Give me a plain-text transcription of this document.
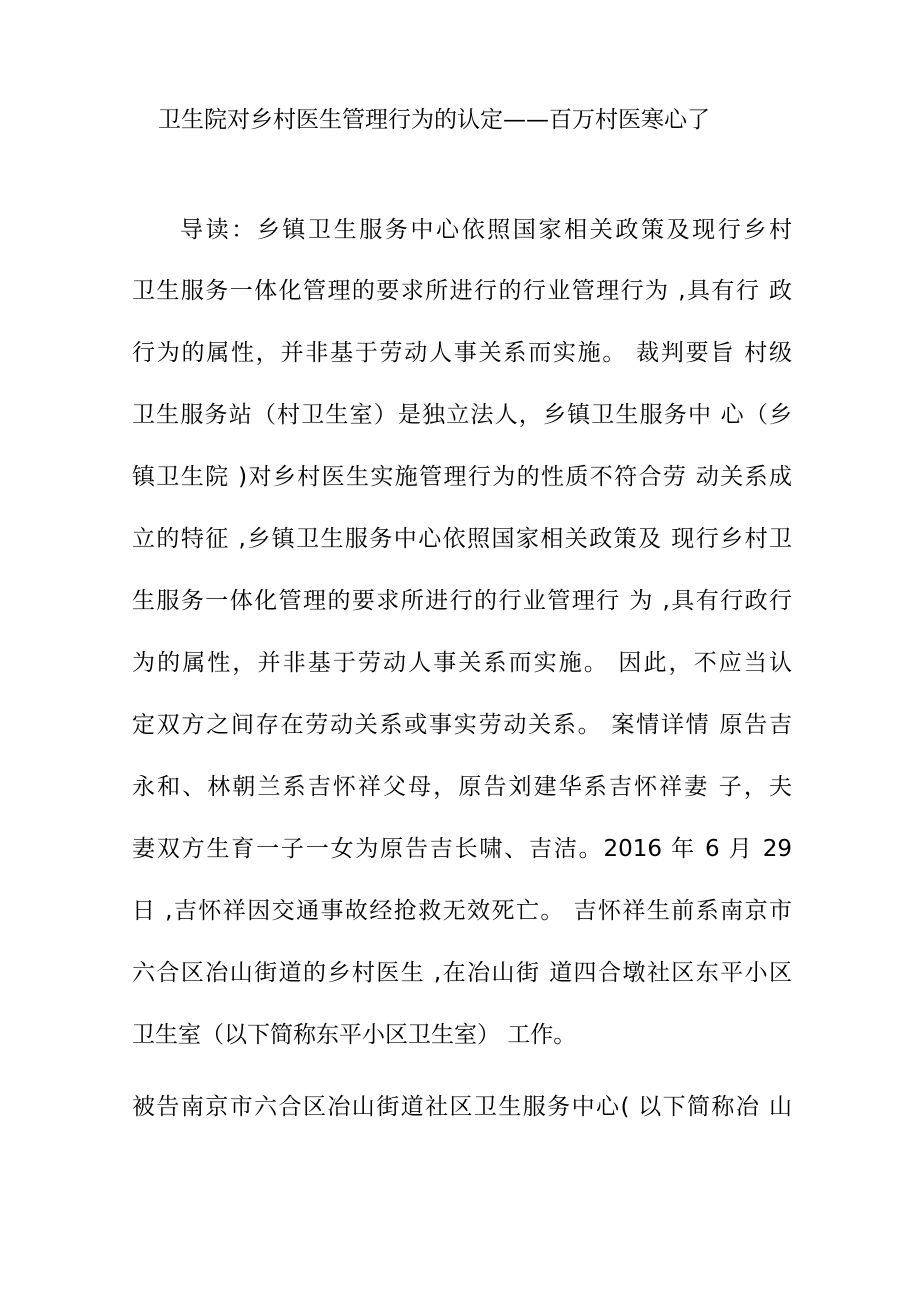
卫生院对乡村医生管理行为的认定——百万村医寒心了
导读：乡镇卫生服务中心依照国家相关政策及现行乡村
卫生服务一体化管理的要求所进行的行业管理行为 ,具有行 政
行为的属性，并非基于劳动人事关系而实施。 裁判要旨 村级
卫生服务站（村卫生室）是独立法人，乡镇卫生服务中 心（乡
镇卫生院 )对乡村医生实施管理行为的性质不符合劳 动关系成
立的特征 ,乡镇卫生服务中心依照国家相关政策及 现行乡村卫
生服务一体化管理的要求所进行的行业管理行 为 ,具有行政行
为的属性，并非基于劳动人事关系而实施。 因此，不应当认
定双方之间存在劳动关系或事实劳动关系。 案情详情 原告吉
永和、林朝兰系吉怀祥父母，原告刘建华系吉怀祥妻 子，夫
妻双方生育一子一女为原告吉长啸、吉洁。2016 年 6 月 29
日 ,吉怀祥因交通事故经抢救无效死亡。 吉怀祥生前系南京市
六合区冶山街道的乡村医生 ,在冶山街 道四合墩社区东平小区
卫生室（以下简称东平小区卫生室） 工作。
被告南京市六合区冶山街道社区卫生服务中心( 以下简称冶 山
